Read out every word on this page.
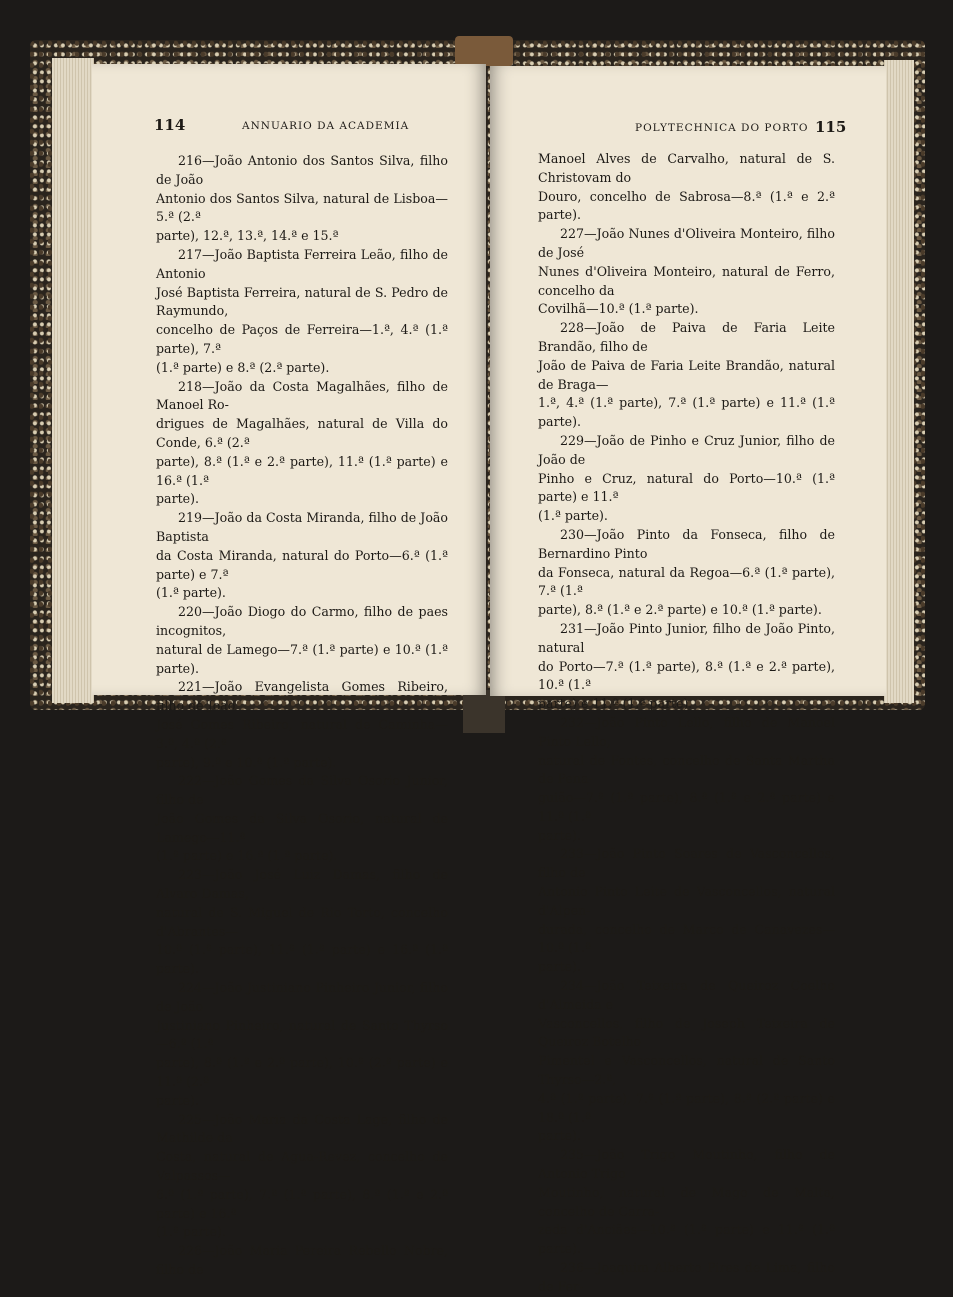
114	ANNUARIO DA ACADEMIA

216—João Antonio dos Santos Silva, filho de João

Antonio dos Santos Silva, natural de Lisboa—5.ª (2.ª

parte), 12.ª, 13.ª, 14.ª e 15.ª

217—João Baptista Ferreira Leão, filho de Antonio

José Baptista Ferreira, natural de S. Pedro de Raymundo,

concelho de Paços de Ferreira—1.ª, 4.ª (1.ª parte), 7.ª

(1.ª parte) e 8.ª (2.ª parte).

218—João da Costa Magalhães, filho de Manoel Ro-

drigues de Magalhães, natural de Villa do Conde, 6.ª (2.ª

parte), 8.ª (1.ª e 2.ª parte), 11.ª (1.ª parte) e 16.ª (1.ª

parte).

219—João da Costa Miranda, filho de João Baptista

da Costa Miranda, natural do Porto—6.ª (1.ª parte) e 7.ª

(1.ª parte).

220—João Diogo do Carmo, filho de paes incognitos,

natural de Lamego—7.ª (1.ª parte) e 10.ª (1.ª parte).

221—João Evangelista Gomes Ribeiro, filho de João

José Gomes Ribeiro, natural de Caminha—3.ª, 4.ª (2.ª

parte), 9.ª e 10.ª (1.ª parte).

222—João Gomes da Silva Osorio Junior, filho de

João Gomes da Silva Osorio, natural de Lamego—11.ª

(1.ª parte) e 16.ª (1.ª parte).

223—João José Luiz Damas, filho de Alvaro Damas,

natural de S. Miguel de Rio Torto, concelho d'Abrantes—

10.ª (1.ª parte), 11.ª (1.ª parte) e 16.ª (1.ª parte).

224—João Justiniano Pinheiro Junior, filho de João

Justiniano Pinheiro, natural de Santo Thyrso—6.ª (1.ª

parte), 8.ª (1.ª e 2.ª parte), 10.ª (2.ª parte) e 11.ª (2.ª

parte).

225—João Maria da Costa Lage, filho de Mathilde da

Costa, natural de Agua-Revez, concelho de Valpassos—

6.ª (1.ª parte), 7.ª (1.ª parte), 8.ª (1.ª e 2.ª parte) e 16.ª

(1.ª parte).

226—João Maria Pereira Rebello Nobre, filho de

POLYTECHNICA DO PORTO 115

Manoel Alves de Carvalho, natural de S. Christovam do

Douro, concelho de Sabrosa—8.ª (1.ª e 2.ª parte).

227—João Nunes d'Oliveira Monteiro, filho de José

Nunes d'Oliveira Monteiro, natural de Ferro, concelho da

Covilhã—10.ª (1.ª parte).

228—João de Paiva de Faria Leite Brandão, filho de

João de Paiva de Faria Leite Brandão, natural de Braga—

1.ª, 4.ª (1.ª parte), 7.ª (1.ª parte) e 11.ª (1.ª parte).

229—João de Pinho e Cruz Junior, filho de João de

Pinho e Cruz, natural do Porto—10.ª (1.ª parte) e 11.ª

(1.ª parte).

230—João Pinto da Fonseca, filho de Bernardino Pinto

da Fonseca, natural da Regoa—6.ª (1.ª parte), 7.ª (1.ª

parte), 8.ª (1.ª e 2.ª parte) e 10.ª (1.ª parte).

231—João Pinto Junior, filho de João Pinto, natural

do Porto—7.ª (1.ª parte), 8.ª (1.ª e 2.ª parte), 10.ª (1.ª

parte) e 11.ª (1.ª parte).

232—João Pinto Lello, filho de Manoel Pinto Lello,

natural de Fontes, concelho de Santa Martha de Pena-

guião—7.ª (1.ª parte), 8.ª (1.ª e 2.ª parte) e 11.ª (1.ª

parte).

233—João Pinto Soares de Vasconcellos, filho de

Antonio Pinto Leite de Vasconcellos, natural d'Alpen-

durada, concelho de Marco de Canavezes—10.ª (1.ª

parte).

234—João Teixeira de Queiroz Coelho d'Almeida e

Vasconcellos, filho de Joseph Teixeira de Queiroz Botelho

Pimentel e Vasconcellos, natural de Santo Thyrso—2.ª,

4.ª (1.ª parte), 7.ª (1.ª parte), 8.ª (2.ª parte) e 18.ª (1.ª

parte).

235—João Trigo Moutinho, filho de Antonio Trigo

Moutinho, natural de Mago de Malta, concelho de Carra-

zeda d'Anciães—10.ª (1.ª parte) e 11.ª (1.ª parte).

236—Joaquim Alberto Pires de Lima, filho de Fer-
